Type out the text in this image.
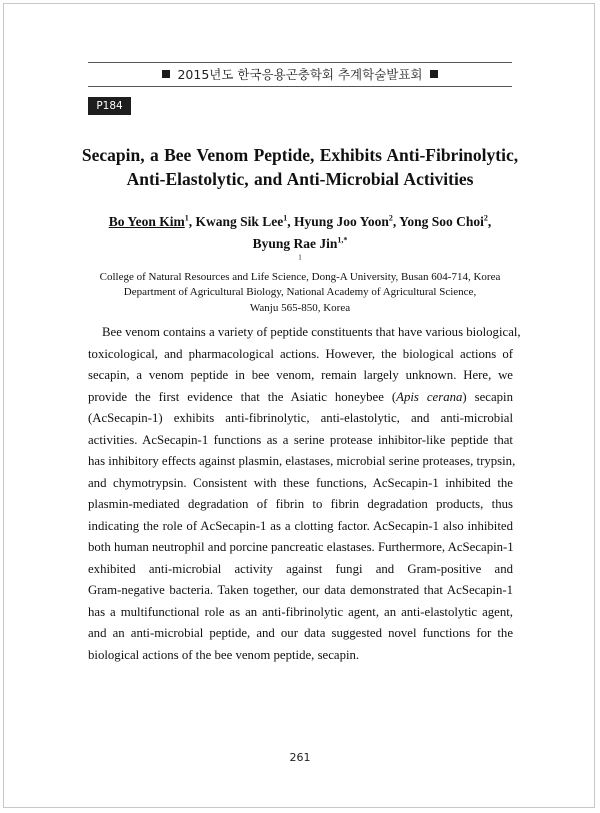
2015년도 한국응용곤충학회 추계학술발표회
P184
Secapin, a Bee Venom Peptide, Exhibits Anti-Fibrinolytic,
Anti-Elastolytic, and Anti-Microbial Activities
Bo Yeon Kim$^1$, Kwang Sik Lee$^1$, Hyung Joo Yoon$^2$, Yong Soo Choi$^2$,
Byung Rae Jin$^{1,*}$
$^1$
College of Natural Resources and Life Science, Dong-A University, Busan 604-714, Korea
Department of Agricultural Biology, National Academy of Agricultural Science,
Wanju 565-850, Korea
Bee venom contains a variety of peptide constituents that have various biological,
toxicological, and pharmacological actions. However, the biological actions of
secapin, a venom peptide in bee venom, remain largely unknown. Here, we
provide the first evidence that the Asiatic honeybee (Apis cerana) secapin
(AcSecapin-1) exhibits anti-fibrinolytic, anti-elastolytic, and anti-microbial
activities. AcSecapin-1 functions as a serine protease inhibitor-like peptide that
has inhibitory effects against plasmin, elastases, microbial serine proteases, trypsin,
and chymotrypsin. Consistent with these functions, AcSecapin-1 inhibited the
plasmin-mediated degradation of fibrin to fibrin degradation products, thus
indicating the role of AcSecapin-1 as a clotting factor. AcSecapin-1 also inhibited
both human neutrophil and porcine pancreatic elastases. Furthermore, AcSecapin-1
exhibited anti-microbial activity against fungi and Gram-positive and
Gram-negative bacteria. Taken together, our data demonstrated that AcSecapin-1
has a multifunctional role as an anti-fibrinolytic agent, an anti-elastolytic agent,
and an anti-microbial peptide, and our data suggested novel functions for the
biological actions of the bee venom peptide, secapin.
261
